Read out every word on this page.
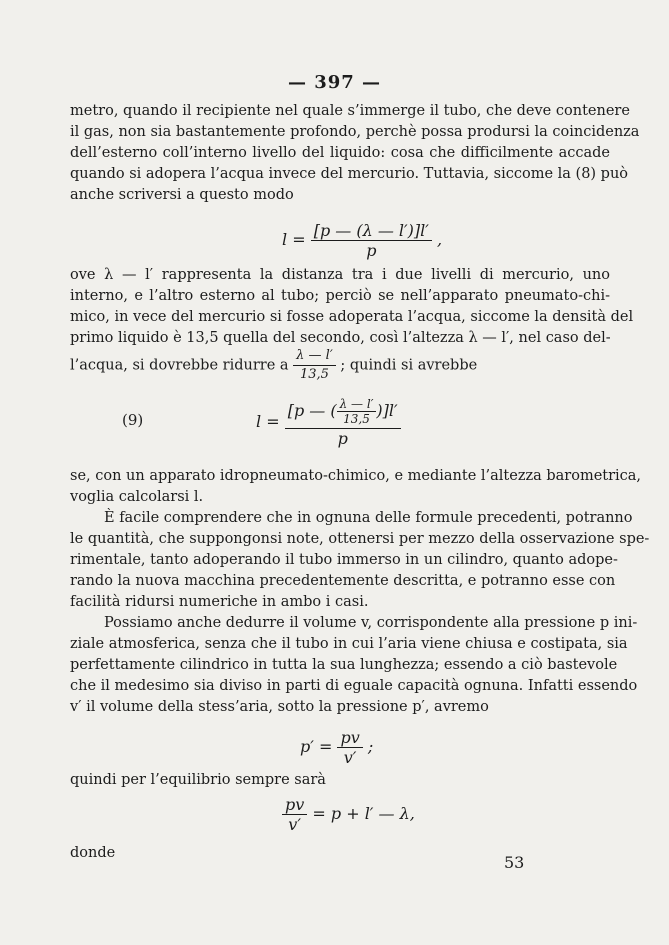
— 397 —
metro, quando il recipiente nel quale s’immerge il tubo, che deve contenere
il gas, non sia bastantemente profondo, perchè possa prodursi la coincidenza
dell’esterno coll’interno livello del liquido: cosa che difficilmente accade
quando si adopera l’acqua invece del mercurio. Tuttavia, siccome la (8) può
anche scriversi a questo modo
$l = \frac{[p — (\lambda — l')]l'}{p}$ ,
ove λ — l′ rappresenta la distanza tra i due livelli di mercurio, uno
interno, e l’altro esterno al tubo; perciò se nell’apparato pneumato-chi-
mico, in vece del mercurio si fosse adoperata l’acqua, siccome la densità del
primo liquido è 13,5 quella del secondo, così l’altezza λ — l′, nel caso del-
l’acqua, si dovrebbe ridurre a $\frac{\lambda — l'}{13,5}$ ; quindi si avrebbe
(9)	$l = \frac{[p — ( \frac{\lambda — l'}{13,5} )]l'}{p}$
se, con un apparato idropneumato-chimico, e mediante l’altezza barometrica,
voglia calcolarsi l.
È facile comprendere che in ognuna delle formule precedenti, potranno
le quantità, che suppongonsi note, ottenersi per mezzo della osservazione spe-
rimentale, tanto adoperando il tubo immerso in un cilindro, quanto adope-
rando la nuova macchina precedentemente descritta, e potranno esse con
facilità ridursi numeriche in ambo i casi.
Possiamo anche dedurre il volume v, corrispondente alla pressione p ini-
ziale atmosferica, senza che il tubo in cui l’aria viene chiusa e costipata, sia
perfettamente cilindrico in tutta la sua lunghezza; essendo a ciò bastevole
che il medesimo sia diviso in parti di eguale capacità ognuna. Infatti essendo
v′ il volume della stess’aria, sotto la pressione p′, avremo
$p' = \frac{pv}{v'}$ ;
quindi per l’equilibrio sempre sarà
$\frac{pv}{v'} = p + l'$ — λ,
donde	53
